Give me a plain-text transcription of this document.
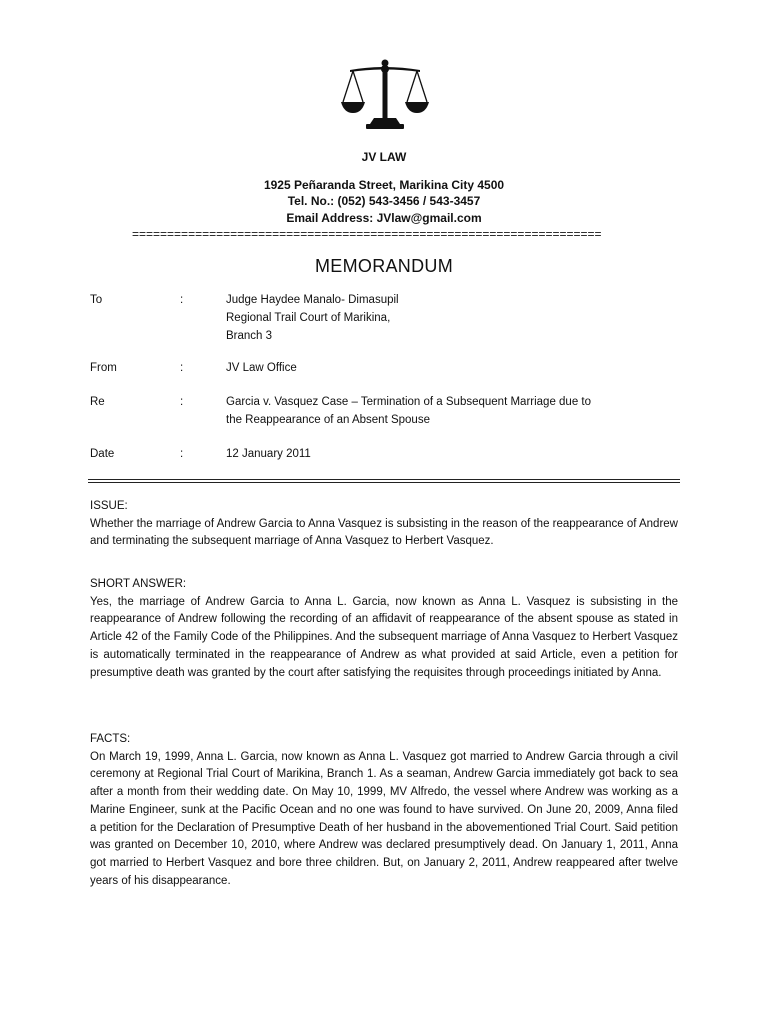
JV LAW
1925 Peñaranda Street, Marikina City 4500
Tel. No.: (052) 543-3456 / 543-3457
Email Address: JVlaw@gmail.com
===================================================================
MEMORANDUM
To	:	Judge Haydee Manalo- Dimasupil
Regional Trail Court of Marikina,
Branch 3
From	:	JV Law Office
Re	:	Garcia v. Vasquez Case – Termination of a Subsequent Marriage due to
the Reappearance of an Absent Spouse
Date	:	12 January 2011
ISSUE:
Whether the marriage of Andrew Garcia to Anna Vasquez is subsisting in the reason of the reappearance of Andrew and terminating the subsequent marriage of Anna Vasquez to Herbert Vasquez.
SHORT ANSWER:
Yes, the marriage of Andrew Garcia to Anna L. Garcia, now known as Anna L. Vasquez is subsisting in the reappearance of Andrew following the recording of an affidavit of reappearance of the absent spouse as stated in Article 42 of the Family Code of the Philippines. And the subsequent marriage of Anna Vasquez to Herbert Vasquez is automatically terminated in the reappearance of Andrew as what provided at said Article, even a petition for presumptive death was granted by the court after satisfying the requisites through proceedings initiated by Anna.
FACTS:
On March 19, 1999, Anna L. Garcia, now known as Anna L. Vasquez got married to Andrew Garcia through a civil ceremony at Regional Trial Court of Marikina, Branch 1. As a seaman, Andrew Garcia immediately got back to sea after a month from their wedding date. On May 10, 1999, MV Alfredo, the vessel where Andrew was working as a Marine Engineer, sunk at the Pacific Ocean and no one was found to have survived. On June 20, 2009, Anna filed a petition for the Declaration of Presumptive Death of her husband in the abovementioned Trial Court. Said petition was granted on December 10, 2010, where Andrew was declared presumptively dead. On January 1, 2011, Anna got married to Herbert Vasquez and bore three children. But, on January 2, 2011, Andrew reappeared after twelve years of his disappearance.
